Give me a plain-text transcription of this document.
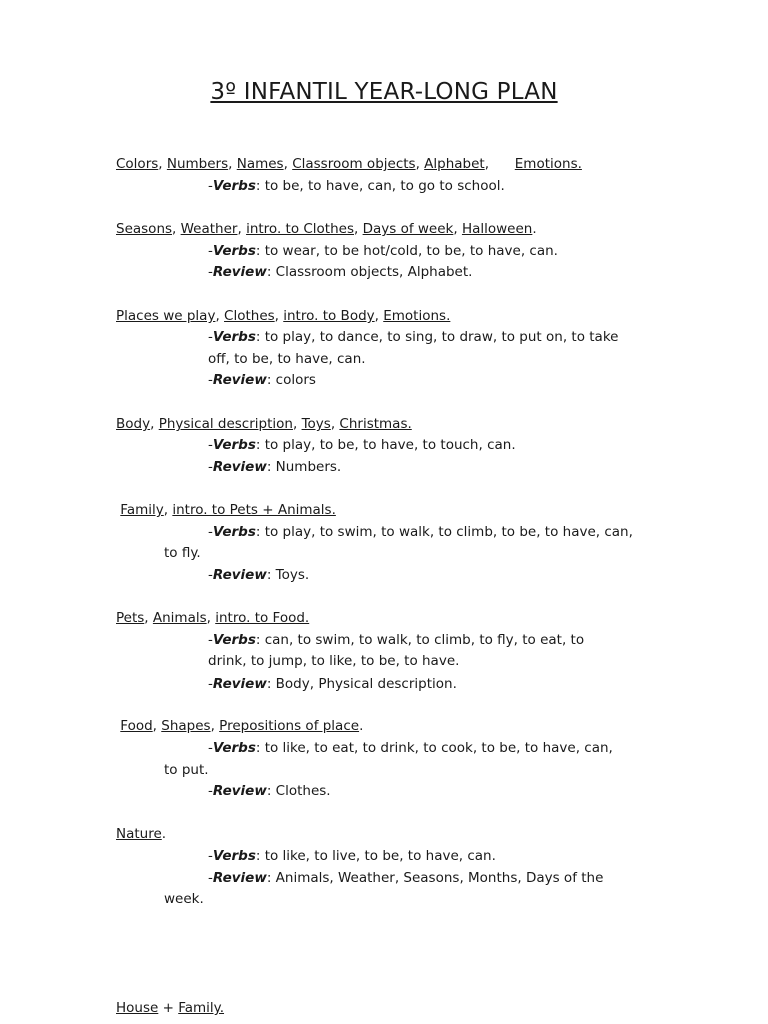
3º INFANTIL YEAR-LONG PLAN
Colors, Numbers, Names, Classroom objects, Alphabet,      Emotions.
-Verbs: to be, to have, can, to go to school.
Seasons, Weather, intro. to Clothes, Days of week, Halloween.
-Verbs: to wear, to be hot/cold, to be, to have, can.
-Review: Classroom objects, Alphabet.
Places we play, Clothes, intro. to Body, Emotions.
-Verbs: to play, to dance, to sing, to draw, to put on, to take
off, to be, to have, can.
-Review: colors
Body, Physical description, Toys, Christmas.
-Verbs: to play, to be, to have, to touch, can.
-Review: Numbers.
Family, intro. to Pets + Animals.
-Verbs: to play, to swim, to walk, to climb, to be, to have, can,
to fly.
-Review: Toys.
Pets, Animals, intro. to Food.
-Verbs: can, to swim, to walk, to climb, to fly, to eat, to
drink, to jump, to like, to be, to have.
-Review: Body, Physical description.
Food, Shapes, Prepositions of place.
-Verbs: to like, to eat, to drink, to cook, to be, to have, can,
to put.
-Review: Clothes.
Nature.
-Verbs: to like, to live, to be, to have, can.
-Review: Animals, Weather, Seasons, Months, Days of the
week.
House + Family.
